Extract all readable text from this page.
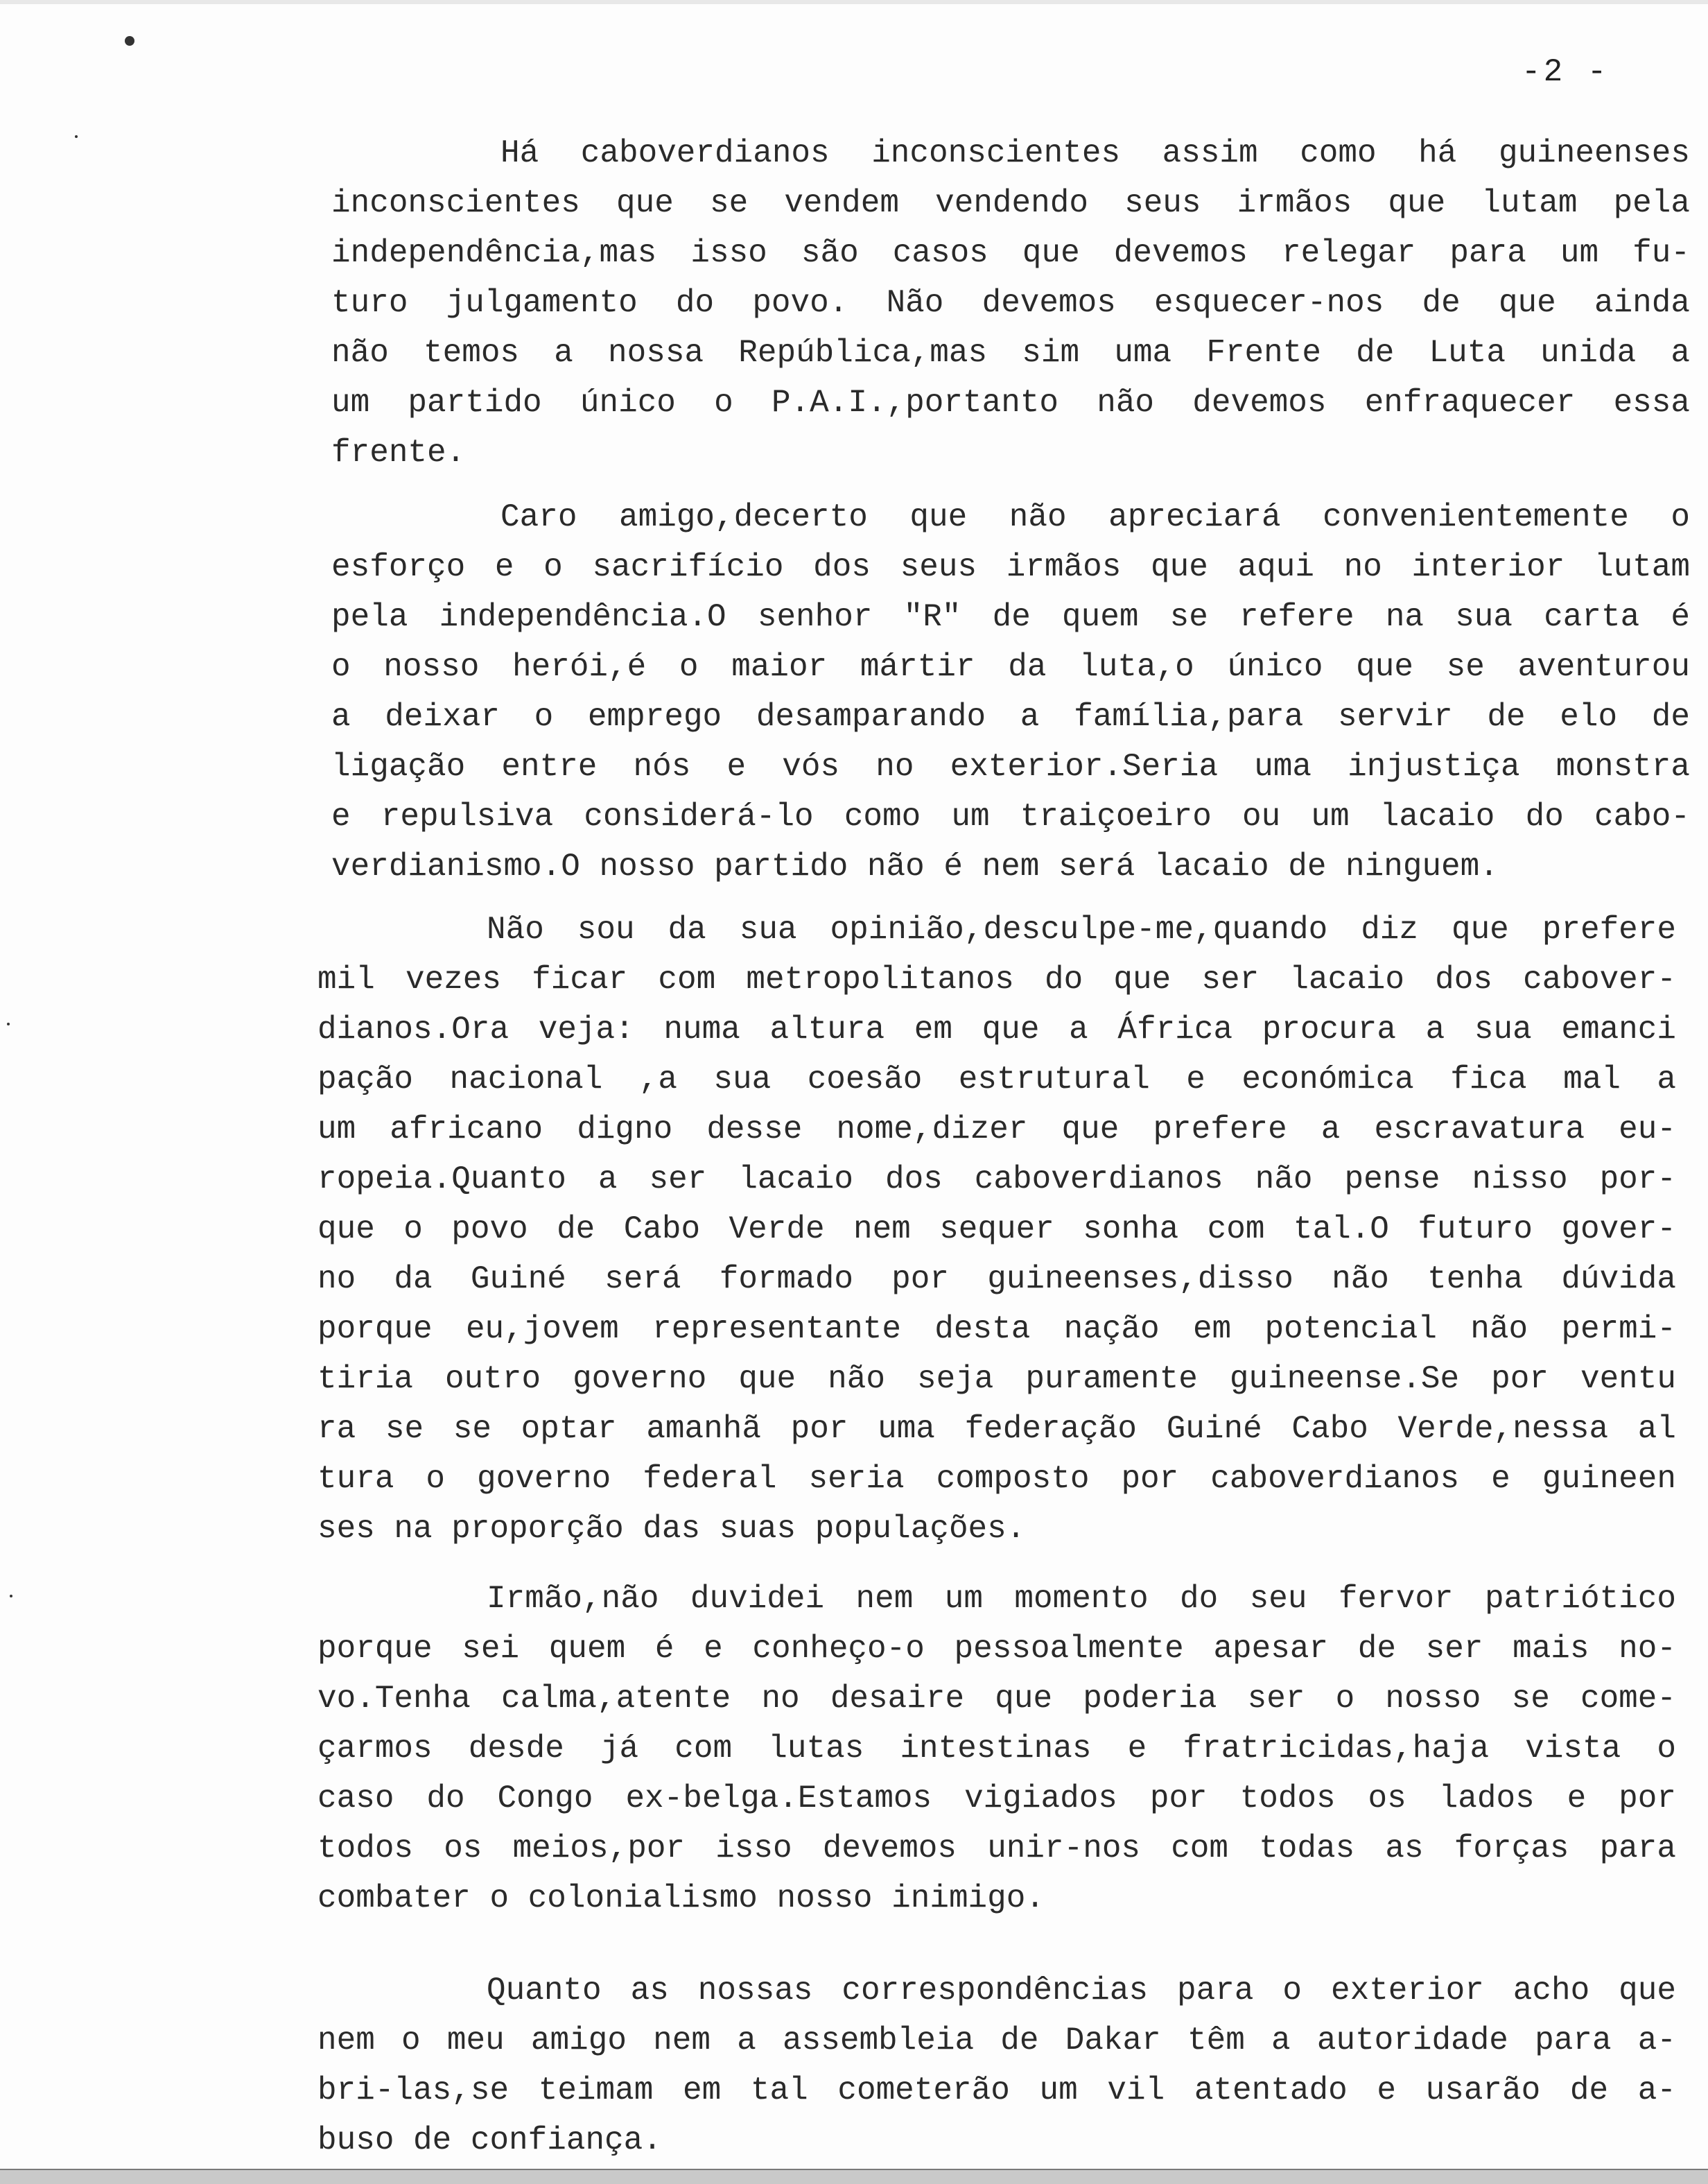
-2 -
Há caboverdianos inconscientes assim como há guineenses
inconscientes que se vendem vendendo seus irmãos que lutam pela
independência,mas isso são casos que devemos relegar para um fu-
turo julgamento do povo. Não devemos esquecer-nos de que ainda
não temos a nossa República,mas sim uma Frente de Luta unida a
um partido único o P.A.I.,portanto não devemos enfraquecer essa
frente.
Caro amigo,decerto que não apreciará convenientemente o
esforço e o sacrifício dos seus irmãos que aqui no interior lutam
pela independência.O senhor "R" de quem se refere na sua carta é
o nosso herói,é o maior mártir da luta,o único que se aventurou
a deixar o emprego desamparando a família,para servir de elo de
ligação entre nós e vós no exterior.Seria uma injustiça monstra
e repulsiva considerá-lo como um traiçoeiro ou um lacaio do cabo-
verdianismo.O nosso partido não é nem será lacaio de ninguem.
Não sou da sua opinião,desculpe-me,quando diz que prefere
mil vezes ficar com metropolitanos do que ser lacaio dos cabover-
dianos.Ora veja: numa altura em que a África procura a sua emanci
pação nacional ,a sua coesão estrutural e económica fica mal a
um africano digno desse nome,dizer que prefere a escravatura eu-
ropeia.Quanto a ser lacaio dos caboverdianos não pense nisso por-
que o povo de Cabo Verde nem sequer sonha com tal.O futuro gover-
no da Guiné será formado por guineenses,disso não tenha dúvida
porque eu,jovem representante desta nação em potencial não permi-
tiria outro governo que não seja puramente guineense.Se por ventu
ra se se optar amanhã por uma federação Guiné Cabo Verde,nessa al
tura o governo federal seria composto por caboverdianos e guineen
ses na proporção das suas populações.
Irmão,não duvidei nem um momento do seu fervor patriótico
porque sei quem é e conheço-o pessoalmente apesar de ser mais no-
vo.Tenha calma,atente no desaire que poderia ser o nosso se come-
çarmos desde já com lutas intestinas e fratricidas,haja vista o
caso do Congo ex-belga.Estamos vigiados por todos os lados e por
todos os meios,por isso devemos unir-nos com todas as forças para
combater o colonialismo nosso inimigo.
Quanto as nossas correspondências para o exterior acho que
nem o meu amigo nem a assembleia de Dakar têm a autoridade para a-
bri-las,se teimam em tal cometerão um vil atentado e usarão de a-
buso de confiança.
